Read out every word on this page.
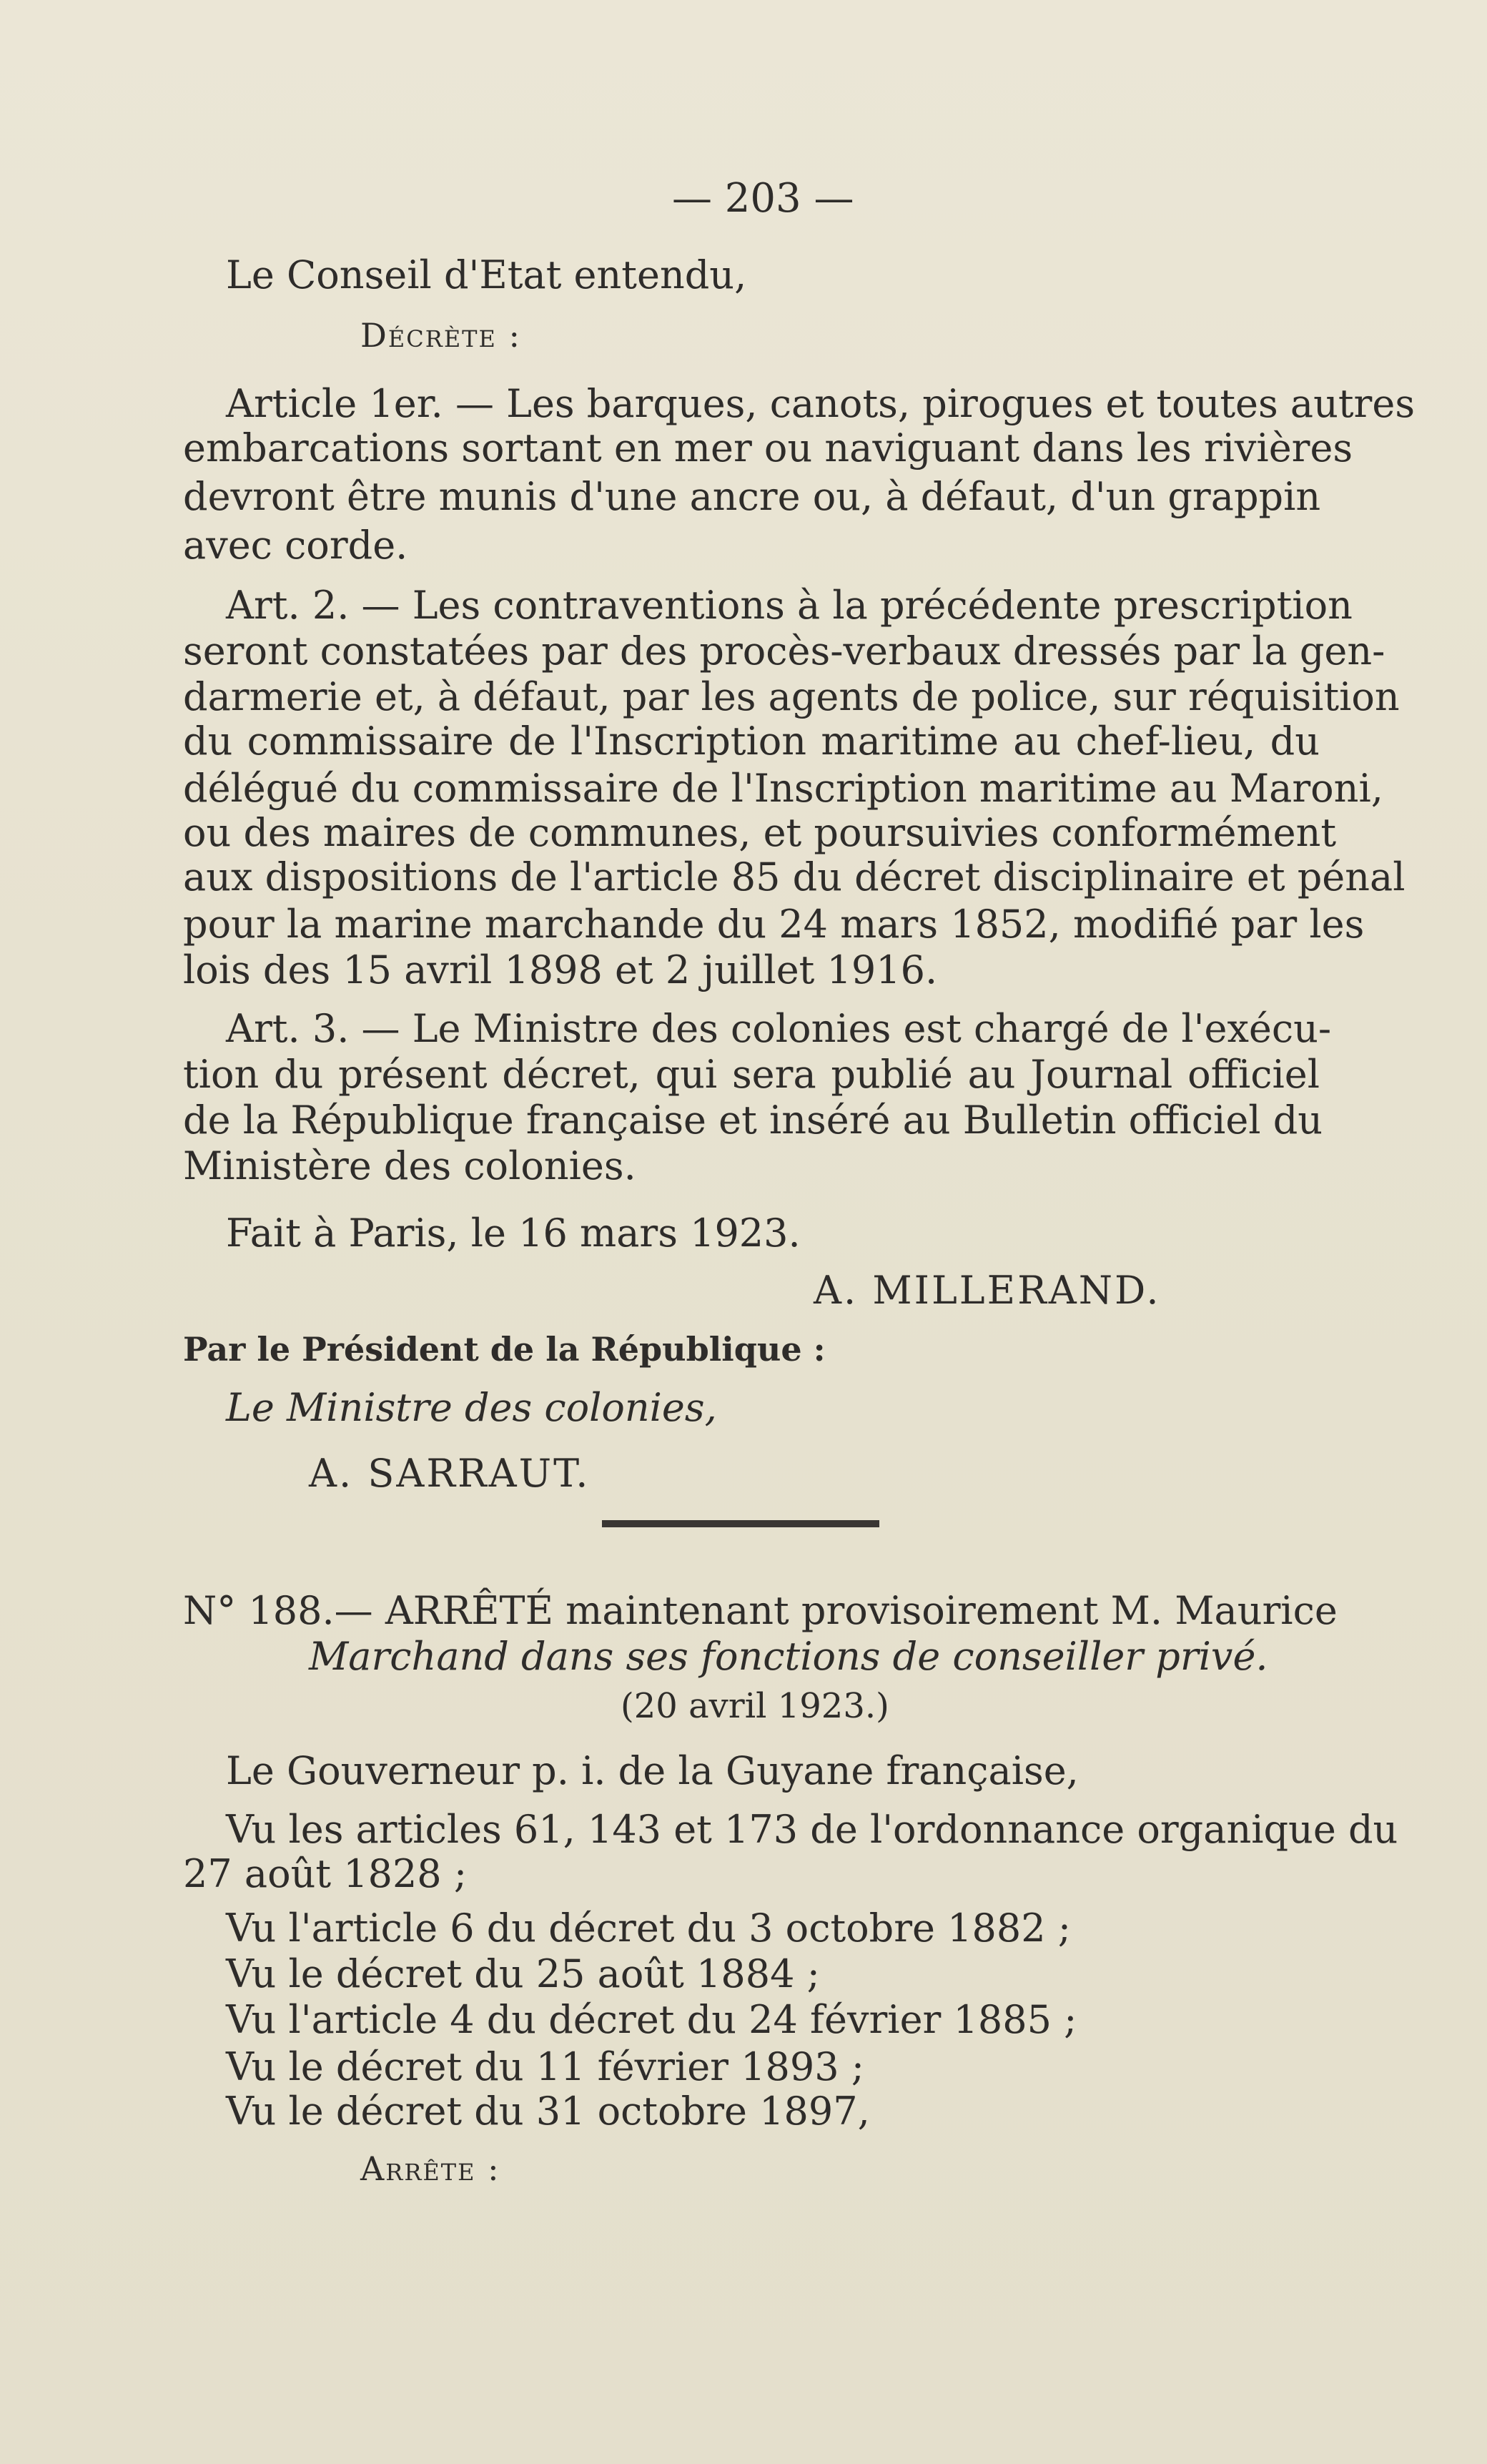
— 203 —
Le Conseil d'Etat entendu,
Décrète :
Article 1er. — Les barques, canots, pirogues et toutes autres
embarcations sortant en mer ou naviguant dans les rivières
devront être munis d'une ancre ou, à défaut, d'un grappin
avec corde.
Art. 2. — Les contraventions à la précédente prescription
seront constatées par des procès-verbaux dressés par la gen-
darmerie et, à défaut, par les agents de police, sur réquisition
du commissaire de l'Inscription maritime au chef-lieu, du
délégué du commissaire de l'Inscription maritime au Maroni,
ou des maires de communes, et poursuivies conformément
aux dispositions de l'article 85 du décret disciplinaire et pénal
pour la marine marchande du 24 mars 1852, modifié par les
lois des 15 avril 1898 et 2 juillet 1916.
Art. 3. — Le Ministre des colonies est chargé de l'exécu-
tion du présent décret, qui sera publié au Journal officiel
de la République française et inséré au Bulletin officiel du
Ministère des colonies.
Fait à Paris, le 16 mars 1923.
A. MILLERAND.
Par le Président de la République :
Le Ministre des colonies,
A. SARRAUT.
N° 188.— ARRÊTÉ maintenant provisoirement M. Maurice
Marchand dans ses fonctions de conseiller privé.
(20 avril 1923.)
Le Gouverneur p. i. de la Guyane française,
Vu les articles 61, 143 et 173 de l'ordonnance organique du
27 août 1828 ;
Vu l'article 6 du décret du 3 octobre 1882 ;
Vu le décret du 25 août 1884 ;
Vu l'article 4 du décret du 24 février 1885 ;
Vu le décret du 11 février 1893 ;
Vu le décret du 31 octobre 1897,
Arrête :
